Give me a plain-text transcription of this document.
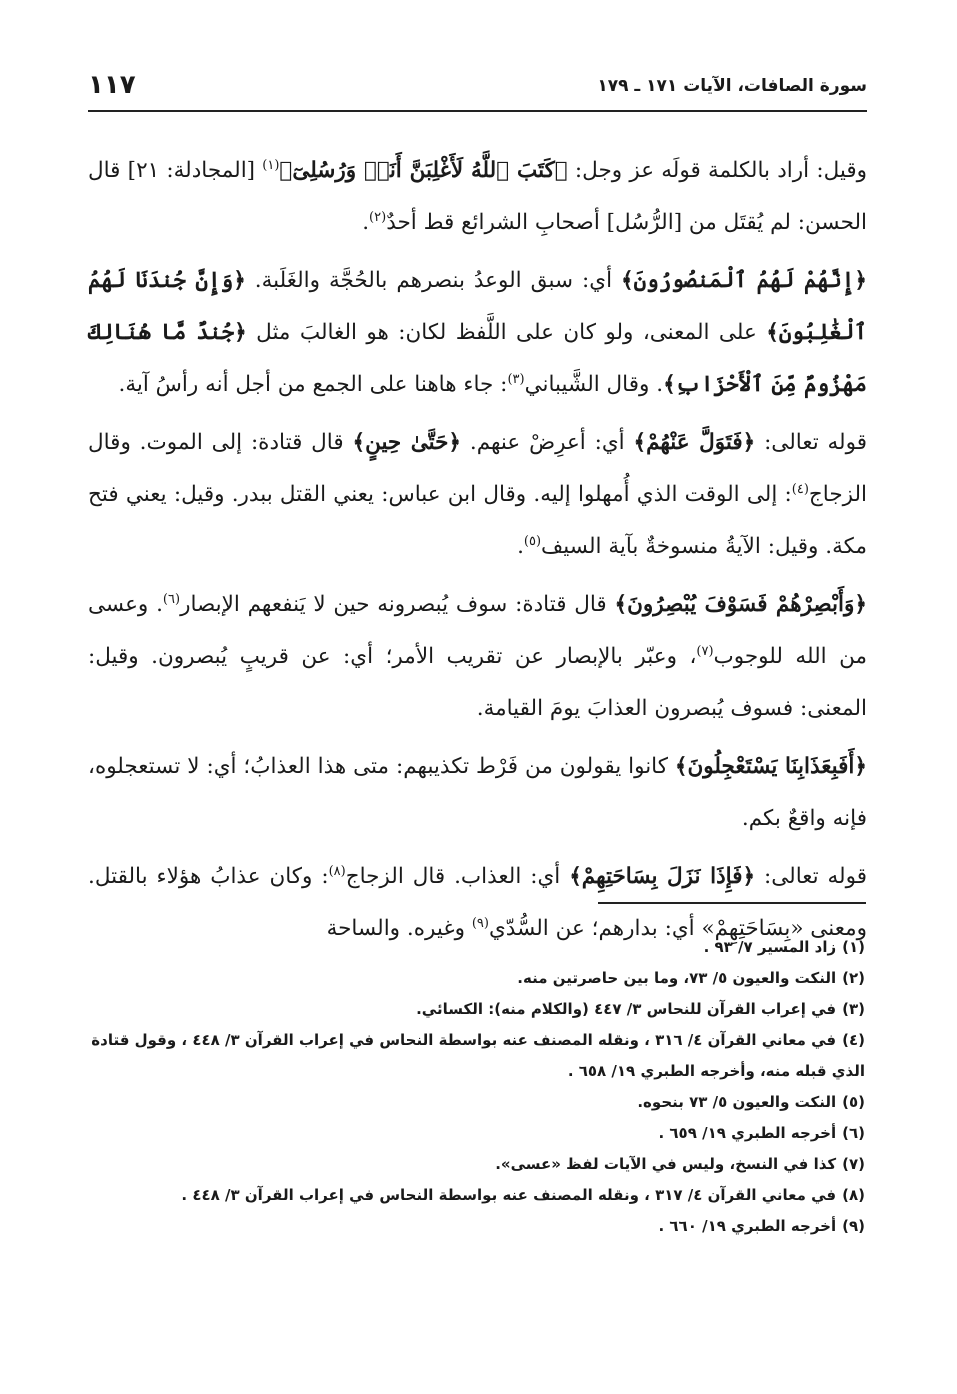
سورة الصافات، الآيات ١٧١ ـ ١٧٩
١١٧

وقيل: أراد بالكلمة قولَه عز وجل: ﴿كَتَبَ ٱللَّهُ لَأَغْلِبَنَّ أَنَا۠ وَرُسُلِىٓ﴾$^{(١)}$ [المجادلة: ٢١] قال الحسن: لم يُقتَل من [الرُّسُل] أصحابِ الشرائع قط أحدٌ$^{(٢)}$.

﴿إِنَّهُمْ لَهُمُ ٱلْمَنصُورُونَ﴾ أي: سبق الوعدُ بنصرهم بالحُجَّة والغَلَبة. ﴿وَإِنَّ جُندَنَا لَهُمُ ٱلْغَٰلِبُونَ﴾ على المعنى، ولو كان على اللَّفظ لكان: هو الغالبَ مثل ﴿جُندٌ مَّا هُنَالِكَ مَهْزُومٌ مِّنَ ٱلْأَحْزَابِ﴾. وقال الشَّيباني$^{(٣)}$: جاء هاهنا على الجمع من أجل أنه رأسُ آية.

قوله تعالى: ﴿فَتَوَلَّ عَنْهُمْ﴾ أي: أعرِضْ عنهم. ﴿حَتَّىٰ حِينٍ﴾ قال قتادة: إلى الموت. وقال الزجاج$^{(٤)}$: إلى الوقت الذي أُمهلوا إليه. وقال ابن عباس: يعني القتل ببدر. وقيل: يعني فتح مكة. وقيل: الآيةُ منسوخةٌ بآية السيف$^{(٥)}$.

﴿وَأَبْصِرْهُمْ فَسَوْفَ يُبْصِرُونَ﴾ قال قتادة: سوف يُبصرونه حين لا يَنفعهم الإبصار$^{(٦)}$. وعسى من الله للوجوب$^{(٧)}$، وعبّر بالإبصار عن تقريب الأمر؛ أي: عن قريبٍ يُبصرون. وقيل: المعنى: فسوف يُبصرون العذابَ يومَ القيامة.

﴿أَفَبِعَذَابِنَا يَسْتَعْجِلُونَ﴾ كانوا يقولون من فَرْط تكذيبهم: متى هذا العذابُ؛ أي: لا تستعجلوه، فإنه واقعٌ بكم.

قوله تعالى: ﴿فَإِذَا نَزَلَ بِسَاحَتِهِمْ﴾ أي: العذاب. قال الزجاج$^{(٨)}$: وكان عذابُ هؤلاء بالقتل. ومعنى «بِسَاحَتِهِمْ» أي: بدارهم؛ عن السُّدّي$^{(٩)}$ وغيره. والساحة

(١)زاد المسير ٧/ ٩٣ .

(٢)النكت والعيون ٥/ ٧٣، وما بين حاصرتين منه.

(٣)في إعراب القرآن للنحاس ٣/ ٤٤٧ (والكلام منه): الكسائي.

(٤)في معاني القرآن ٤/ ٣١٦ ، ونقله المصنف عنه بواسطة النحاس في إعراب القرآن ٣/ ٤٤٨ ، وقول قتادة الذي قبله منه، وأخرجه الطبري ١٩/ ٦٥٨ .

(٥)النكت والعيون ٥/ ٧٣ بنحوه.

(٦)أخرجه الطبري ١٩/ ٦٥٩ .

(٧)كذا في النسخ، وليس في الآيات لفظ «عسى».

(٨)في معاني القرآن ٤/ ٣١٧ ، ونقله المصنف عنه بواسطة النحاس في إعراب القرآن ٣/ ٤٤٨ .

(٩)أخرجه الطبري ١٩/ ٦٦٠ .
